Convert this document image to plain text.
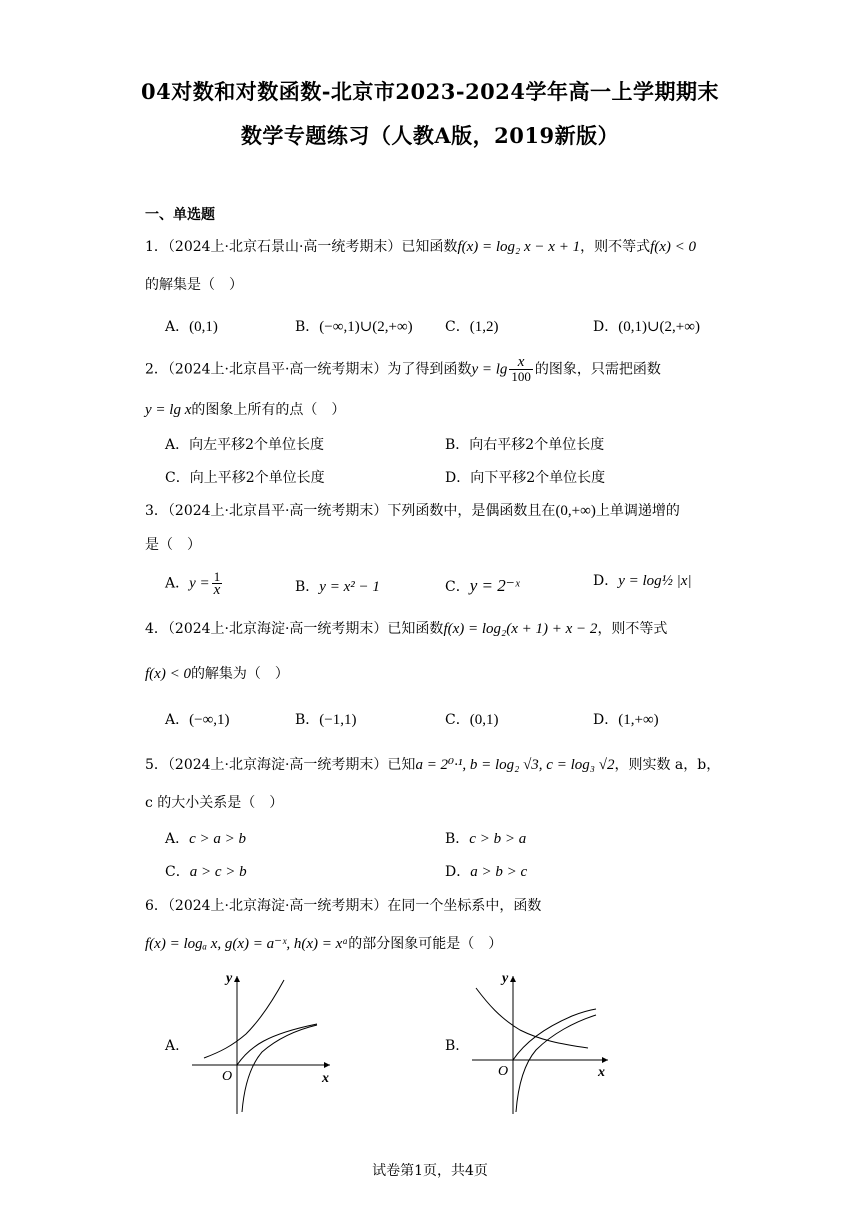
04对数和对数函数-北京市2023-2024学年高一上学期期末
数学专题练习（人教A版，2019新版）
一、单选题
1．（2024上·北京石景山·高一统考期末）已知函数f(x) = log₂ x − x + 1，则不等式f(x) < 0
的解集是（　）
A．(0,1)	B．(−∞,1)∪(2,+∞) C．(1,2)	D．(0,1)∪(2,+∞)
2．（2024上·北京昌平·高一统考期末）为了得到函数$y = \lg \frac{x}{100}$ 的图象，只需把函数
y = lg x的图象上所有的点（　）
A．向左平移2个单位长度	B．向右平移2个单位长度
C．向上平移2个单位长度	D．向下平移2个单位长度
3．（2024上·北京昌平·高一统考期末）下列函数中，是偶函数且在(0,+∞)上单调递增的
是（　）
A．$y = \frac{1}{x}$	B．y = x² − 1	C．y = 2⁻ˣ	D．y = log½ |x|
4．（2024上·北京海淀·高一统考期末）已知函数f(x) = log₂(x + 1) + x − 2，则不等式
f(x) < 0的解集为（　）
A．(−∞,1)	B．(−1,1)	C．(0,1)	D．(1,+∞)
5．（2024上·北京海淀·高一统考期末）已知a = 2⁰·¹, b = log₂ √3, c = log₃ √2，则实数 a，b，
c 的大小关系是（　）
A．c > a > b	B．c > b > a
C．a > c > b	D．a > b > c
6．（2024上·北京海淀·高一统考期末）在同一个坐标系中，函数
f(x) = logₐ x, g(x) = a⁻ˣ, h(x) = xᵃ的部分图象可能是（　）
A.	B.
y
x
O
y
x
O
试卷第1页，共4页
